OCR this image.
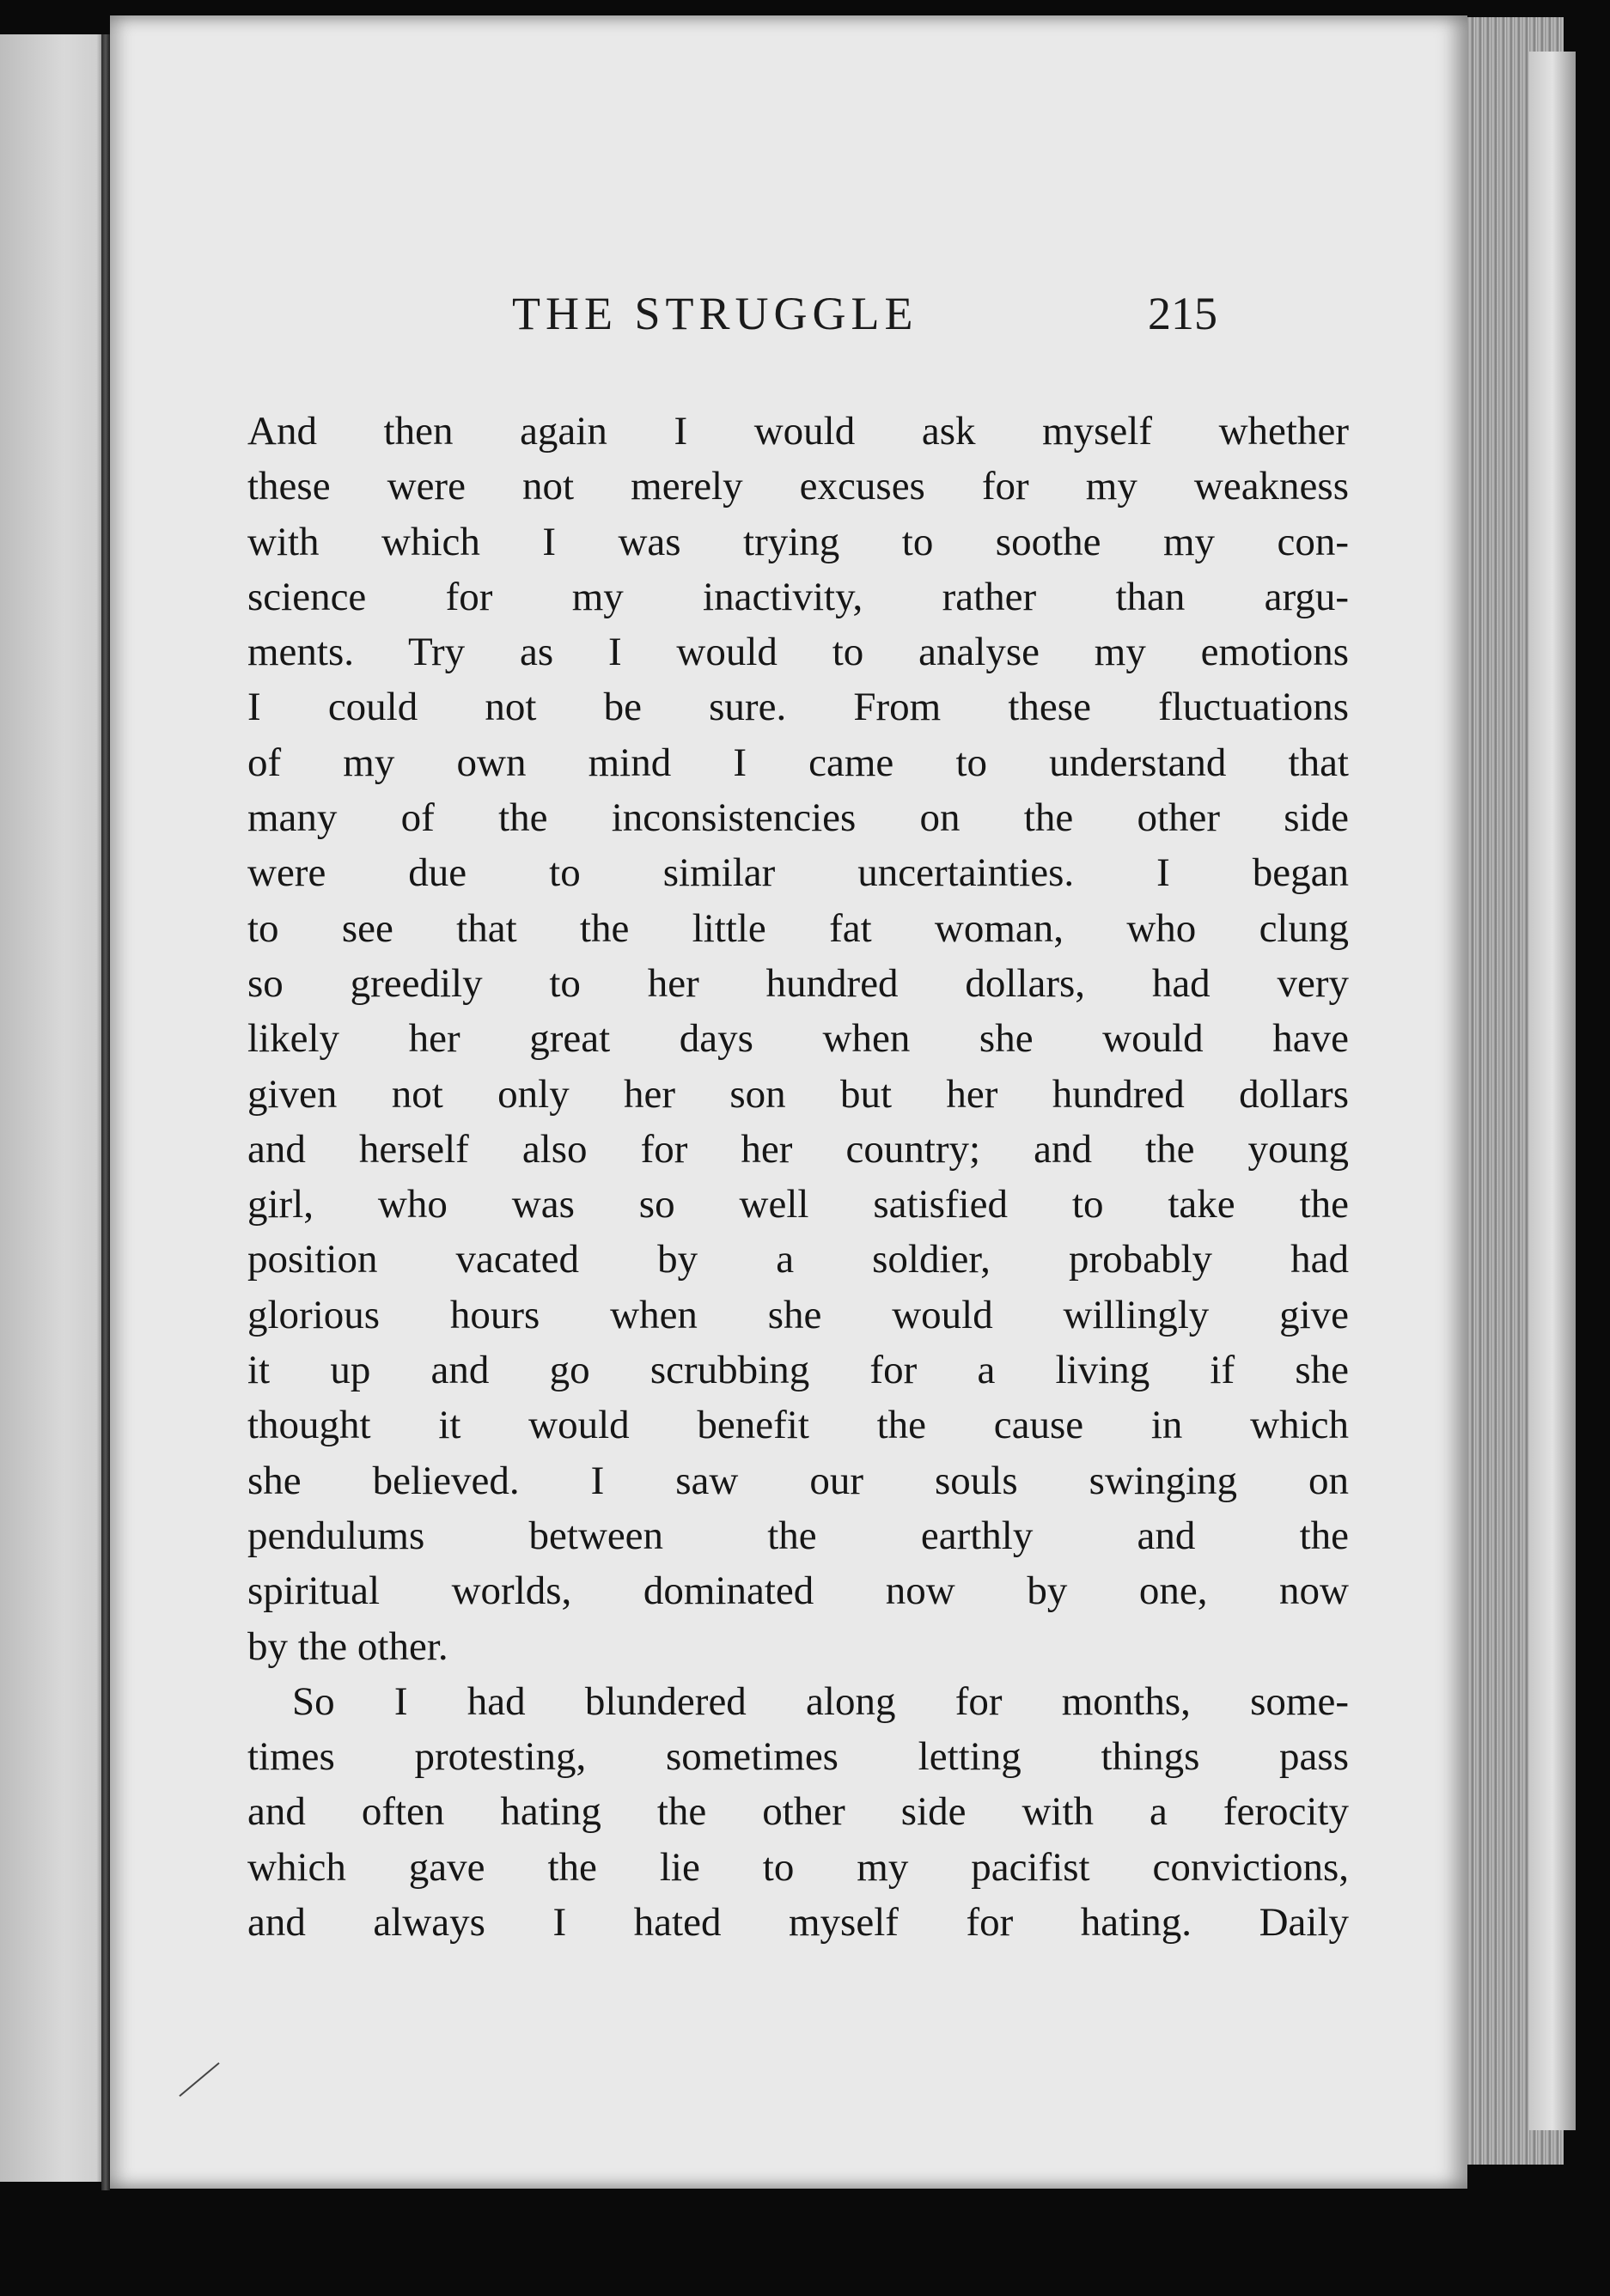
THE STRUGGLE	215
And then again I would ask myself whether
these were not merely excuses for my weakness
with which I was trying to soothe my con-
science for my inactivity, rather than argu-
ments. Try as I would to analyse my emotions
I could not be sure. From these fluctuations
of my own mind I came to understand that
many of the inconsistencies on the other side
were due to similar uncertainties. I began
to see that the little fat woman, who clung
so greedily to her hundred dollars, had very
likely her great days when she would have
given not only her son but her hundred dollars
and herself also for her country; and the young
girl, who was so well satisfied to take the
position vacated by a soldier, probably had
glorious hours when she would willingly give
it up and go scrubbing for a living if she
thought it would benefit the cause in which
she believed. I saw our souls swinging on
pendulums between the earthly and the
spiritual worlds, dominated now by one, now
by the other.
So I had blundered along for months, some-
times protesting, sometimes letting things pass
and often hating the other side with a ferocity
which gave the lie to my pacifist convictions,
and always I hated myself for hating. Daily
